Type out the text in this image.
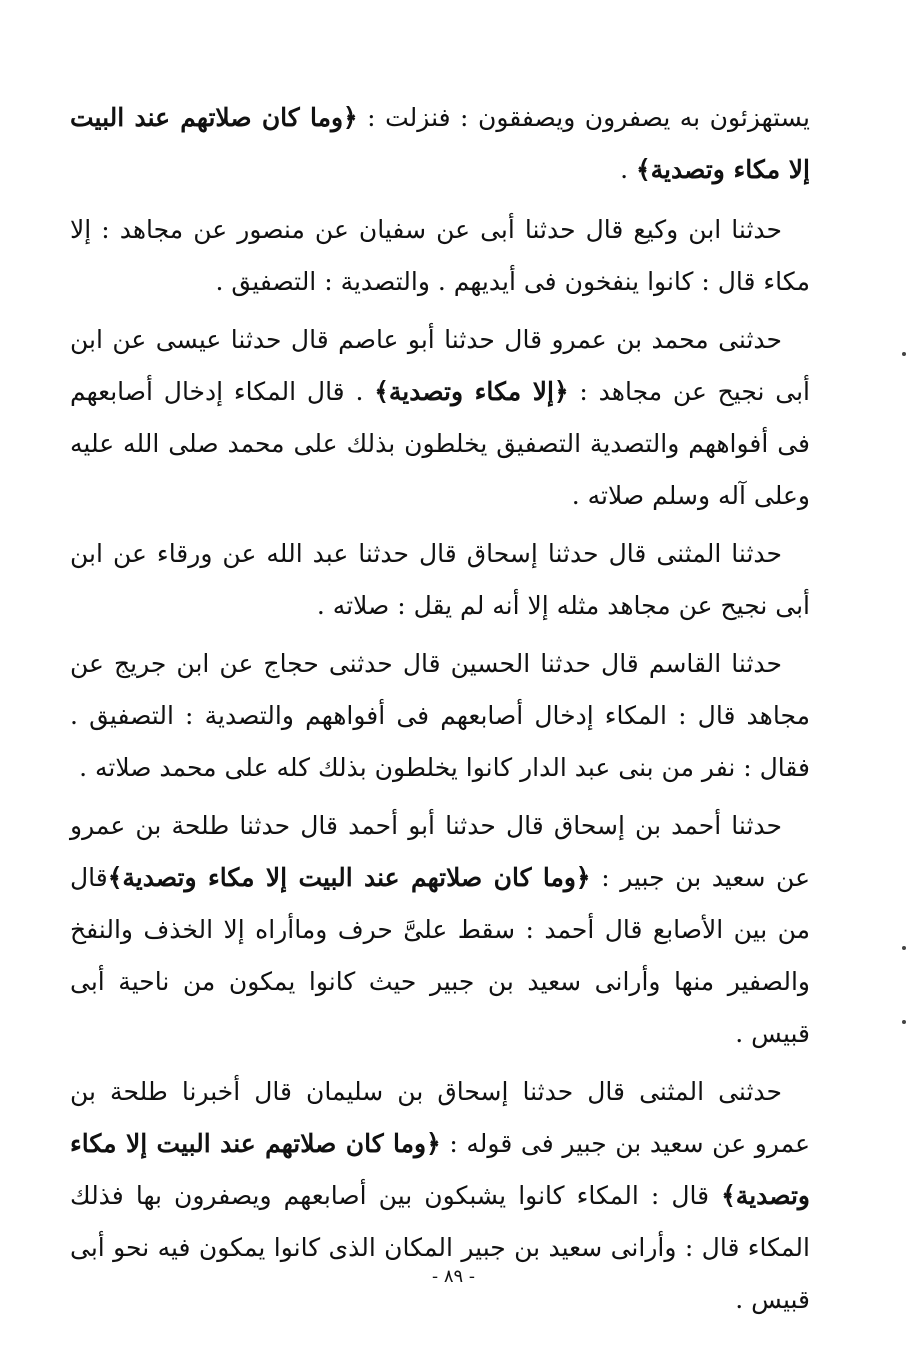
يستهزئون به يصفرون ويصفقون : فنزلت : ﴿وما كان صلاتهم عند البيت إلا مكاء وتصدية﴾ .

حدثنا ابن وكيع قال حدثنا أبى عن سفيان عن منصور عن مجاهد : إلا مكاء قال : كانوا ينفخون فى أيديهم . والتصدية : التصفيق .

حدثنى محمد بن عمرو قال حدثنا أبو عاصم قال حدثنا عيسى عن ابن أبى نجيح عن مجاهد : ﴿إلا مكاء وتصدية﴾ . قال المكاء إدخال أصابعهم فى أفواههم والتصدية التصفيق يخلطون بذلك على محمد صلى الله عليه وعلى آله وسلم صلاته .

حدثنا المثنى قال حدثنا إسحاق قال حدثنا عبد الله عن ورقاء عن ابن أبى نجيح عن مجاهد مثله إلا أنه لم يقل : صلاته .

حدثنا القاسم قال حدثنا الحسين قال حدثنى حجاج عن ابن جريج عن مجاهد قال : المكاء إدخال أصابعهم فى أفواههم والتصدية : التصفيق . فقال : نفر من بنى عبد الدار كانوا يخلطون بذلك كله على محمد صلاته .

حدثنا أحمد بن إسحاق قال حدثنا أبو أحمد قال حدثنا طلحة بن عمرو عن سعيد بن جبير : ﴿وما كان صلاتهم عند البيت إلا مكاء وتصدية﴾قال من بين الأصابع قال أحمد : سقط علىَّ حرف وماأراه إلا الخذف والنفخ والصفير منها وأرانى سعيد بن جبير حيث كانوا يمكون من ناحية أبى قبيس .

حدثنى المثنى قال حدثنا إسحاق بن سليمان قال أخبرنا طلحة بن عمرو عن سعيد بن جبير فى قوله : ﴿وما كان صلاتهم عند البيت إلا مكاء وتصدية﴾ قال : المكاء كانوا يشبكون بين أصابعهم ويصفرون بها فذلك المكاء قال : وأرانى سعيد بن جبير المكان الذى كانوا يمكون فيه نحو أبى قبيس .

- ٨٩ -
